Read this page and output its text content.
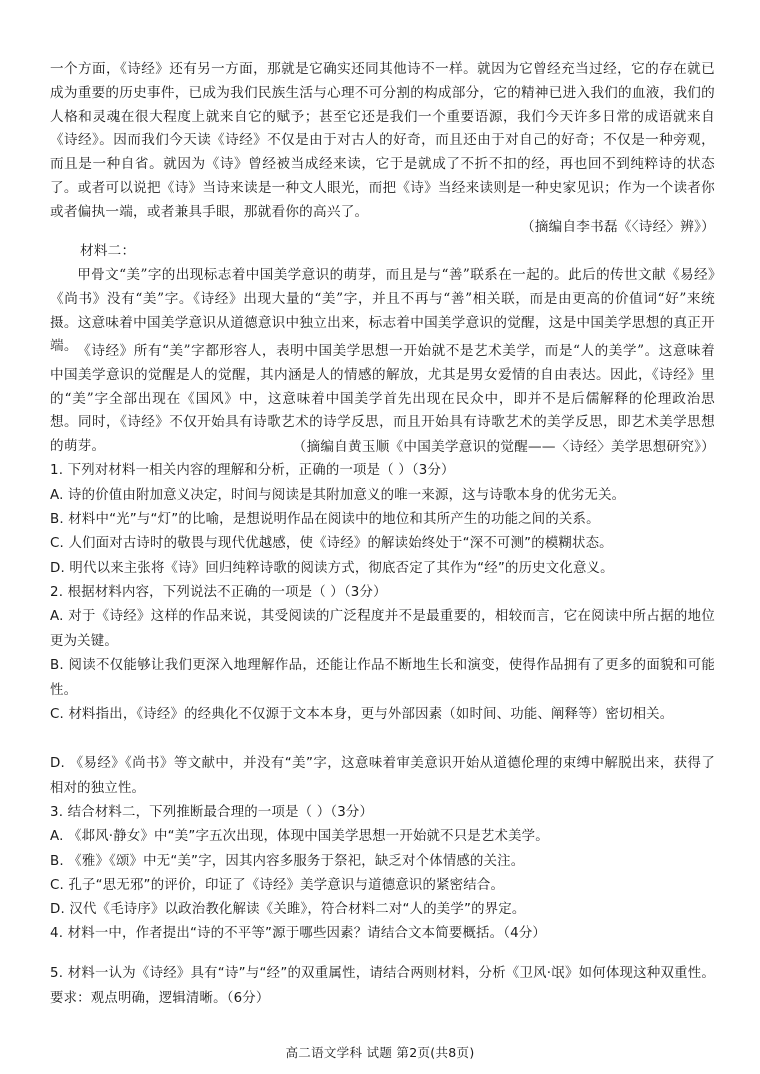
一个方面，《诗经》还有另一方面，那就是它确实还同其他诗不一样。就因为它曾经充当过经，它的存在就已成为重要的历史事件，已成为我们民族生活与心理不可分割的构成部分，它的精神已进入我们的血液，我们的人格和灵魂在很大程度上就来自它的赋予；甚至它还是我们一个重要语源，我们今天许多日常的成语就来自《诗经》。因而我们今天读《诗经》不仅是由于对古人的好奇，而且还由于对自己的好奇；不仅是一种旁观，而且是一种自省。就因为《诗》曾经被当成经来读，它于是就成了不折不扣的经，再也回不到纯粹诗的状态了。或者可以说把《诗》当诗来读是一种文人眼光，而把《诗》当经来读则是一种史家见识；作为一个读者你或者偏执一端，或者兼具手眼，那就看你的高兴了。

（摘编自李书磊《〈诗经〉辨》）

材料二：

甲骨文“美”字的出现标志着中国美学意识的萌芽，而且是与“善”联系在一起的。此后的传世文献《易经》《尚书》没有“美”字。《诗经》出现大量的“美”字，并且不再与“善”相关联，而是由更高的价值词“好”来统摄。这意味着中国美学意识从道德意识中独立出来，标志着中国美学意识的觉醒，这是中国美学思想的真正开端。 《诗经》所有“美”字都形容人，表明中国美学思想一开始就不是艺术美学，而是“人的美学”。这意味着中国美学意识的觉醒是人的觉醒，其内涵是人的情感的解放，尤其是男女爱情的自由表达。因此，《诗经》里的“美”字全部出现在《国风》中，这意味着中国美学首先出现在民众中，即并不是后儒解释的伦理政治思想。同时，《诗经》不仅开始具有诗歌艺术的诗学反思，而且开始具有诗歌艺术的美学反思，即艺术美学思想的萌芽。	（摘编自黄玉顺《中国美学意识的觉醒——〈诗经〉美学思想研究》）

1. 下列对材料一相关内容的理解和分析，正确的一项是（ ）（3分）

A. 诗的价值由附加意义决定，时间与阅读是其附加意义的唯一来源，这与诗歌本身的优劣无关。

B. 材料中“光”与“灯”的比喻，是想说明作品在阅读中的地位和其所产生的功能之间的关系。

C. 人们面对古诗时的敬畏与现代优越感，使《诗经》的解读始终处于“深不可测”的模糊状态。

D. 明代以来主张将《诗》回归纯粹诗歌的阅读方式，彻底否定了其作为“经”的历史文化意义。

2. 根据材料内容，下列说法不正确的一项是（ ）（3分）

A. 对于《诗经》这样的作品来说，其受阅读的广泛程度并不是最重要的，相较而言，它在阅读中所占据的地位更为关键。

B. 阅读不仅能够让我们更深入地理解作品，还能让作品不断地生长和演变，使得作品拥有了更多的面貌和可能性。

C. 材料指出，《诗经》的经典化不仅源于文本本身，更与外部因素（如时间、功能、阐释等）密切相关。

D. 《易经》《尚书》等文献中，并没有“美”字，这意味着审美意识开始从道德伦理的束缚中解脱出来，获得了相对的独立性。

3. 结合材料二，下列推断最合理的一项是（ ）（3分）

A. 《邶风·静女》中“美”字五次出现，体现中国美学思想一开始就不只是艺术美学。

B. 《雅》《颂》中无“美”字，因其内容多服务于祭祀，缺乏对个体情感的关注。

C. 孔子“思无邪”的评价，印证了《诗经》美学意识与道德意识的紧密结合。

D. 汉代《毛诗序》以政治教化解读《关雎》，符合材料二对“人的美学”的界定。

4. 材料一中，作者提出“诗的不平等”源于哪些因素？请结合文本简要概括。（4分）

5. 材料一认为《诗经》具有“诗”与“经”的双重属性，请结合两则材料，分析《卫风·氓》如何体现这种双重性。要求：观点明确，逻辑清晰。（6分）

高二语文学科 试题 第2页(共8页)
